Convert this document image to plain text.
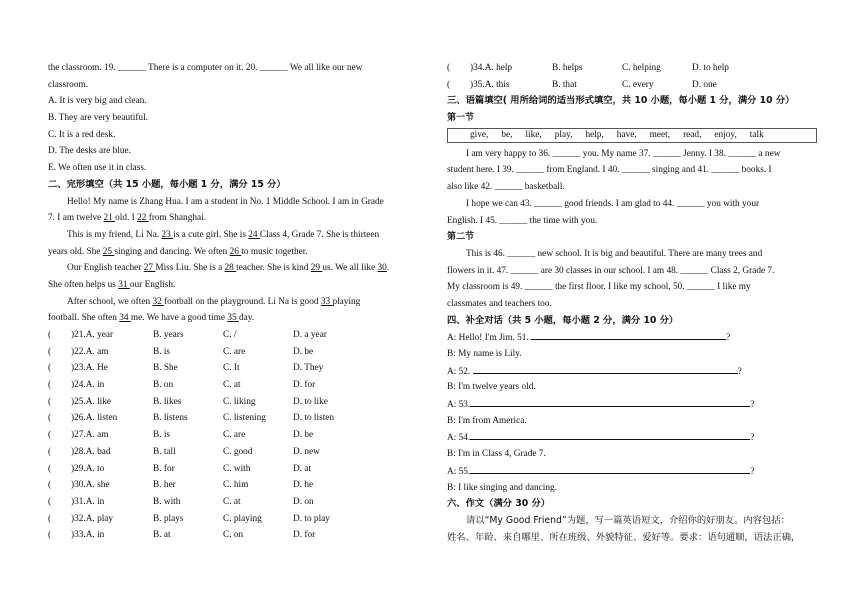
the classroom. 19. ______ There is a computer on it. 20. ______ We all like our new
classroom.
A. It is very big and clean.
B. They are very beautiful.
C. It is a red desk.
D. The desks are blue.
E. We often use it in class.
二、完形填空（共 15 小题，每小题 1 分，满分 15 分）
Hello! My name is Zhang Hua. I am a student in No. 1 Middle School. I am in Grade
7. I am twelve 21 old. I 22 from Shanghai.
This is my friend, Li Na. 23 is a cute girl. She is 24 Class 4, Grade 7. She is thirteen
years old. She 25 singing and dancing. We often 26 to music together.
Our English teacher 27 Miss Liu. She is a 28 teacher. She is kind 29 us. We all like 30.
She often helps us 31 our English.
After school, we often 32 football on the playground. Li Na is good 33 playing
football. She often 34 me. We have a good time 35 day.
(	)21.A. year	B. years	C. /	D. a year
(	)22.A. am	B. is	C. are	D. be
(	)23.A. He	B. She	C. It	D. They
(	)24.A. in	B. on	C. at	D. for
(	)25.A. like	B. likes	C. liking	D. to like
(	)26.A. listen	B. listens	C. listening	D. to listen
(	)27.A. am	B. is	C. are	D. be
(	)28.A. bad	B. tall	C. good	D. new
(	)29.A. to	B. for	C. with	D. at
(	)30.A. she	B. her	C. him	D. he
(	)31.A. in	B. with	C. at	D. on
(	)32.A. play	B. plays	C. playing	D. to play
(	)33.A. in	B. at	C. on	D. for
(	)34.A. help	B. helps	C. helping	D. to help
(	)35.A. this	B. that	C. every	D. one
三、语篇填空( 用所给词的适当形式填空，共 10 小题，每小题 1 分，满分 10 分）
第一节
give, be, like, play, help, have, meet, read, enjoy, talk
I am very happy to 36. ______ you. My name 37. ______ Jenny. I 38. ______ a new
student here. I 39. ______ from England. I 40. ______ singing and 41. ______ books. I
also like 42. ______ basketball.
I hope we can 43. ______ good friends. I am glad to 44. ______ you with your
English. I 45. ______ the time with you.
第二节
This is 46. ______ new school. It is big and beautiful. There are many trees and
flowers in it. 47. ______ are 30 classes in our school. I am 48. ______ Class 2, Grade 7.
My classroom is 49. ______ the first floor. I like my school, 50. ______ I like my
classmates and teachers too.
四、补全对话（共 5 小题，每小题 2 分，满分 10 分）
A: Hello! I'm Jim. 51.	?
B: My name is Lily.
A: 52.	?
B: I'm twelve years old.
A: 53.	?
B: I'm from America.
A: 54.	?
B: I'm in Class 4, Grade 7.
A: 55.	?
B: I like singing and dancing.
六、作文（满分 30 分）
请以“My Good Friend”为题，写一篇英语短文，介绍你的好朋友。内容包括：
姓名、年龄、来自哪里、所在班级、外貌特征、爱好等。要求：语句通顺，语法正确，
